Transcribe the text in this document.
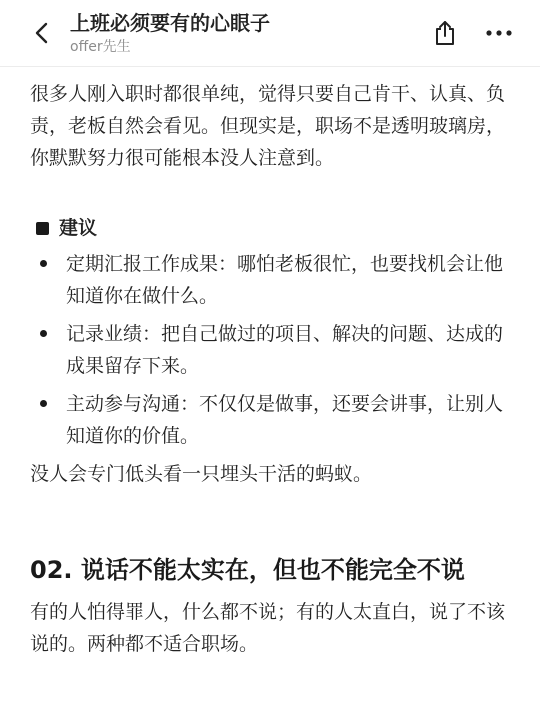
上班必须要有的心眼子
offer先生

很多人刚入职时都很单纯，觉得只要自己肯干、认真、负责，老板自然会看见。但现实是，职场不是透明玻璃房，你默默努力很可能根本没人注意到。

建议
定期汇报工作成果：哪怕老板很忙，也要找机会让他知道你在做什么。
记录业绩：把自己做过的项目、解决的问题、达成的成果留存下来。
主动参与沟通：不仅仅是做事，还要会讲事，让别人知道你的价值。

没人会专门低头看一只埋头干活的蚂蚁。

02. 说话不能太实在，但也不能完全不说

有的人怕得罪人，什么都不说；有的人太直白，说了不该说的。两种都不适合职场。
